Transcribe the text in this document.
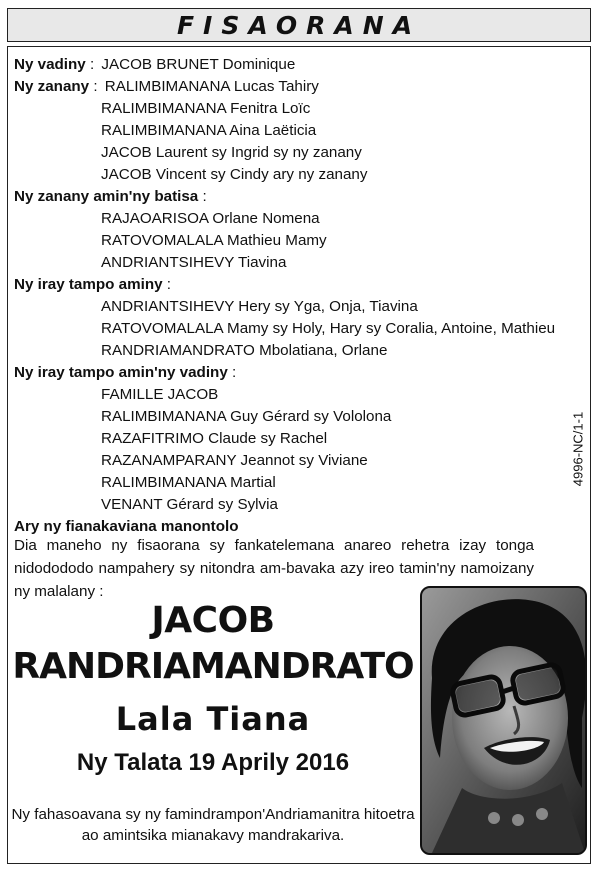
FISAORANA
Ny vadiny : JACOB BRUNET Dominique
Ny zanany : RALIMBIMANANA Lucas Tahiry
RALIMBIMANANA Fenitra Loïc
RALIMBIMANANA Aina Laëticia
JACOB Laurent sy Ingrid sy ny zanany
JACOB Vincent sy Cindy ary ny zanany
Ny zanany amin'ny batisa :
RAJAOARISOA Orlane Nomena
RATOVOMALALA Mathieu Mamy
ANDRIANTSIHEVY Tiavina
Ny iray tampo aminy :
ANDRIANTSIHEVY Hery sy Yga, Onja, Tiavina
RATOVOMALALA Mamy sy Holy, Hary sy Coralia, Antoine, Mathieu
RANDRIAMANDRATO Mbolatiana, Orlane
Ny iray tampo amin'ny vadiny :
FAMILLE JACOB
RALIMBIMANANA Guy Gérard sy Vololona
RAZAFITRIMO Claude sy Rachel
RAZANAMPARANY Jeannot sy Viviane
RALIMBIMANANA Martial
VENANT Gérard sy Sylvia
Ary ny fianakaviana manontolo
Dia maneho ny fisaorana sy fankatelemana anareo rehetra izay tonga nidodododo nampahery sy nitondra am-bavaka azy ireo tamin'ny namoizany ny malalany :
4996-NC/1-1
JACOB
RANDRIAMANDRATO
Lala Tiana
Ny Talata 19 Aprily 2016
Ny fahasoavana sy ny famindrampon'Andriamanitra hitoetra
ao amintsika mianakavy mandrakariva.
